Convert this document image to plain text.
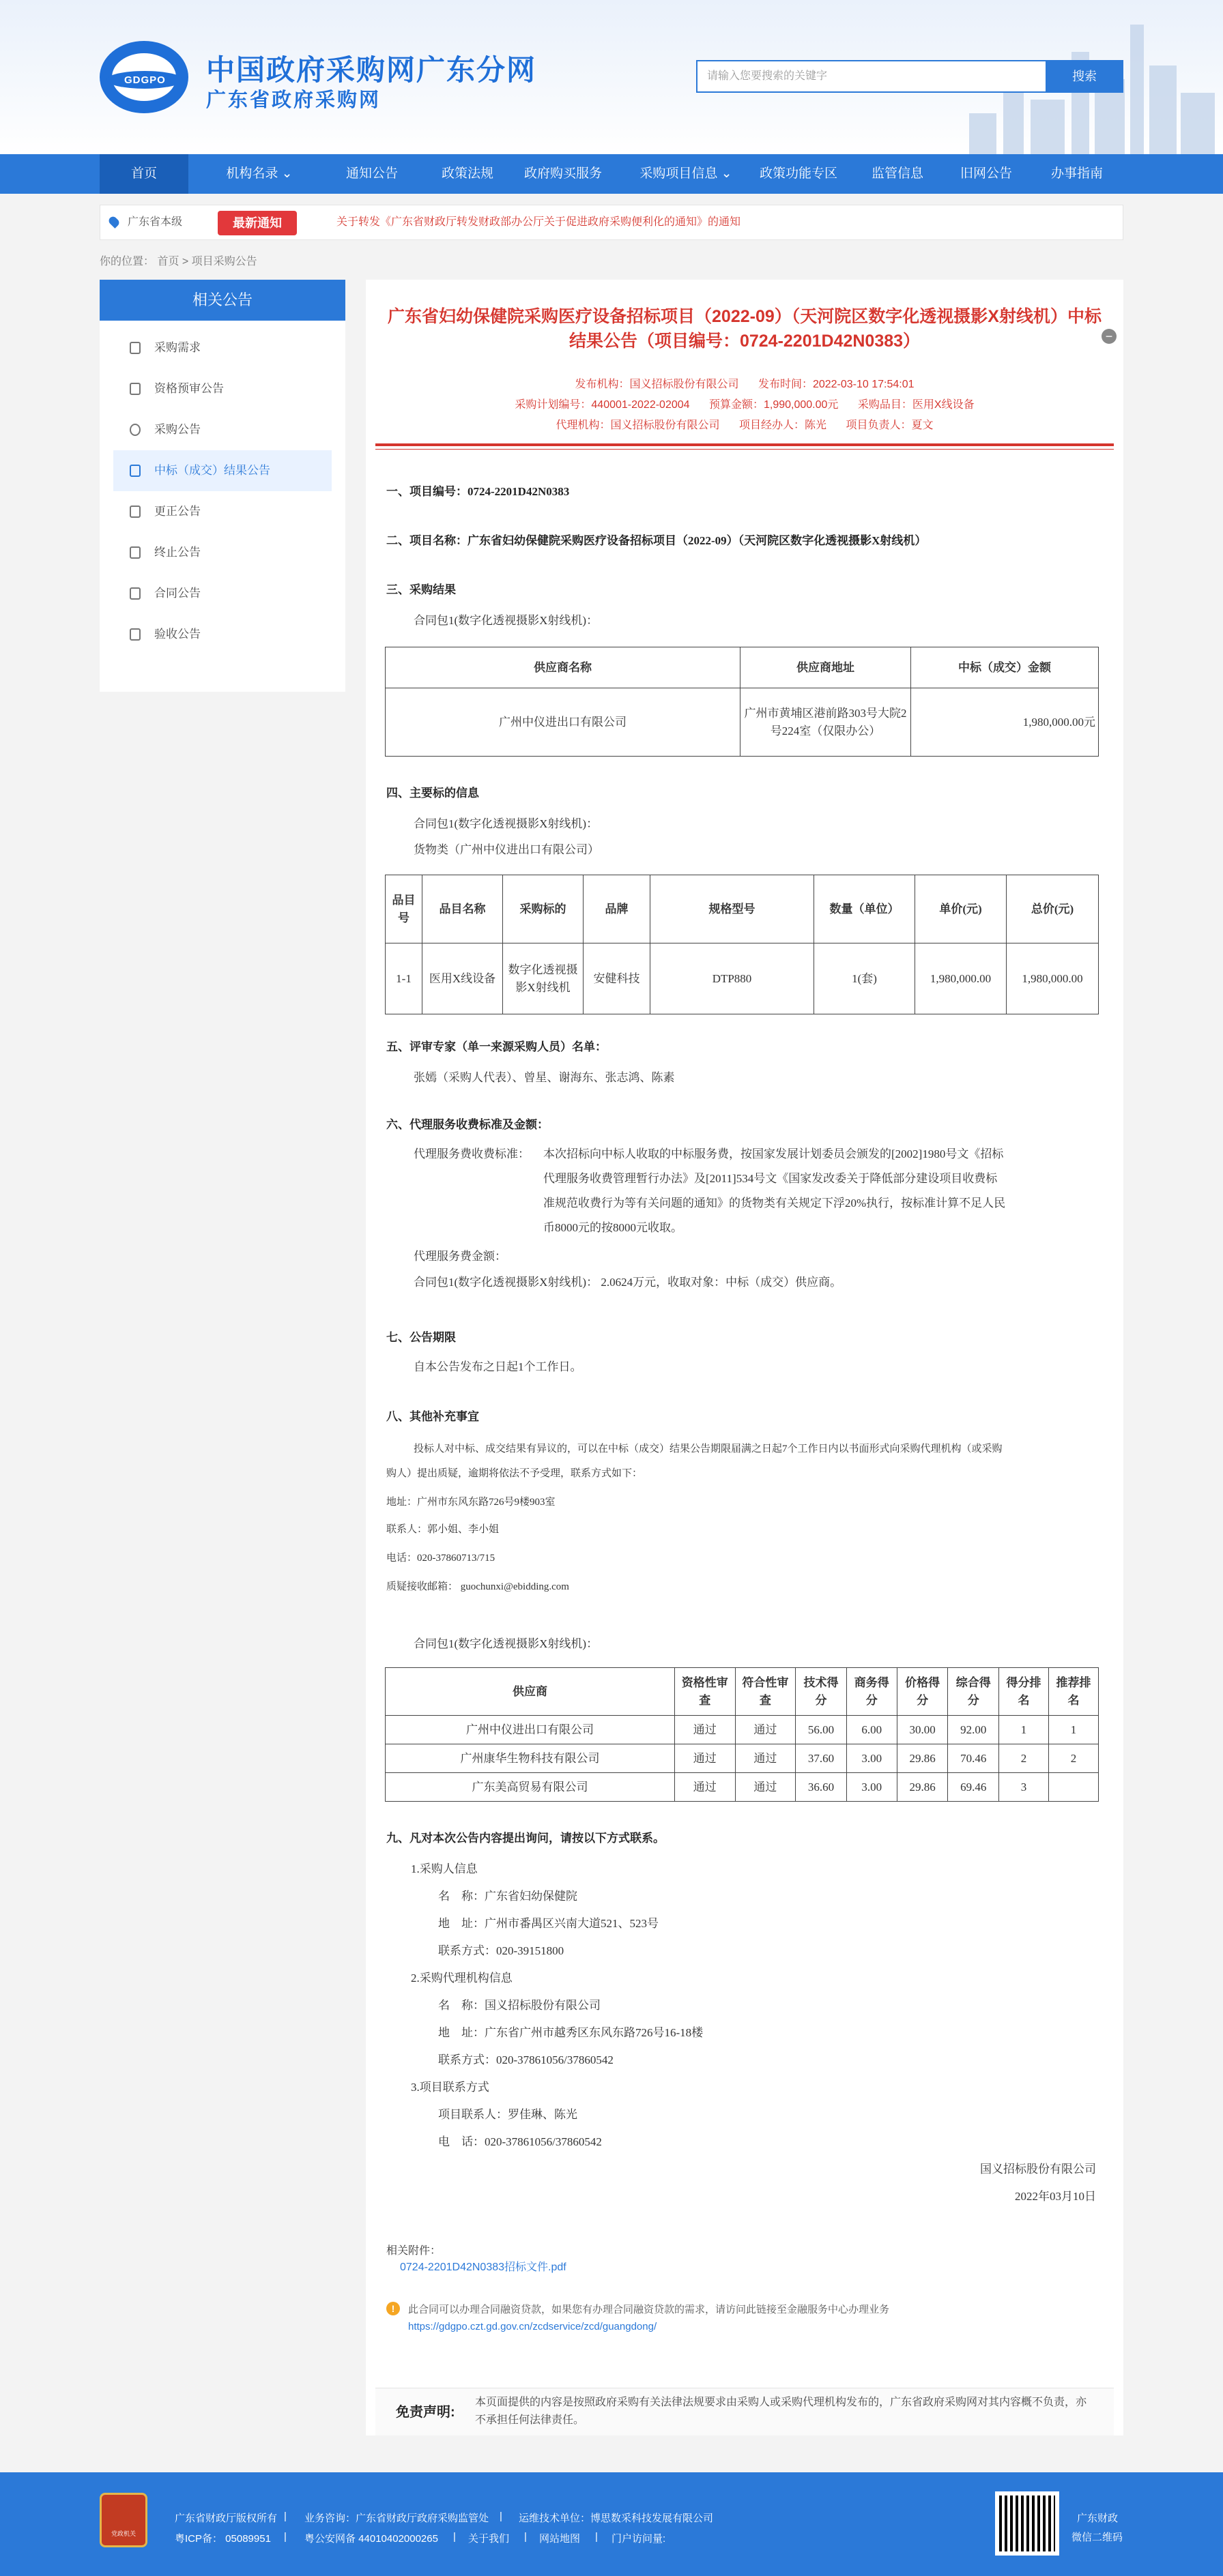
GDGPO 中国政府采购网广东分网
广东省政府采购网
请输入您要搜索的关键字	搜索
首页	机构名录 ⌄	通知公告	政策法规	政府购买服务	采购项目信息 ⌄	政策功能专区	监管信息	旧网公告	办事指南
广东省本级	最新通知	关于转发《广东省财政厅转发财政部办公厅关于促进政府采购便利化的通知》的通知
你的位置： 首页 > 项目采购公告
相关公告
采购需求
资格预审公告
采购公告
中标（成交）结果公告
更正公告
终止公告
合同公告
验收公告
广东省妇幼保健院采购医疗设备招标项目（2022-09）（天河院区数字化透视摄影X射线机）中标结果公告（项目编号：0724-2201D42N0383）	−
发布机构：国义招标股份有限公司 发布时间：2022-03-10 17:54:01
采购计划编号：440001-2022-02004 预算金额：1,990,000.00元 采购品目：医用X线设备
代理机构：国义招标股份有限公司 项目经办人：陈光 项目负责人：夏文
一、项目编号：0724-2201D42N0383
二、项目名称：广东省妇幼保健院采购医疗设备招标项目（2022-09）（天河院区数字化透视摄影X射线机）
三、采购结果
合同包1(数字化透视摄影X射线机)：
供应商名称	供应商地址	中标（成交）金额
广州中仪进出口有限公司	广州市黄埔区港前路303号大院2号224室（仅限办公）	1,980,000.00元
四、主要标的信息
合同包1(数字化透视摄影X射线机)：
货物类（广州中仪进出口有限公司）
品目号	品目名称	采购标的	品牌	规格型号	数量（单位）	单价(元)	总价(元)
1-1	医用X线设备	数字化透视摄影X射线机	安健科技	DTP880	1(套)	1,980,000.00	1,980,000.00
五、评审专家（单一来源采购人员）名单：
张嫣（采购人代表）、曾星、谢海东、张志鸿、陈素
六、代理服务收费标准及金额：
代理服务费收费标准： 本次招标向中标人收取的中标服务费，按国家发展计划委员会颁发的[2002]1980号文《招标
代理服务收费管理暂行办法》及[2011]534号文《国家发改委关于降低部分建设项目收费标
准规范收费行为等有关问题的通知》的货物类有关规定下浮20%执行，按标准计算不足人民
币8000元的按8000元收取。
代理服务费金额：
合同包1(数字化透视摄影X射线机)： 2.0624万元，收取对象：中标（成交）供应商。
七、公告期限
自本公告发布之日起1个工作日。
八、其他补充事宜
投标人对中标、成交结果有异议的，可以在中标（成交）结果公告期限届满之日起7个工作日内以书面形式向采购代理机构（或采购
购人）提出质疑，逾期将依法不予受理，联系方式如下：
地址：广州市东风东路726号9楼903室
联系人：郭小姐、李小姐
电话：020-37860713/715
质疑接收邮箱： guochunxi@ebidding.com
合同包1(数字化透视摄影X射线机)：
供应商	资格性审查	符合性审查	技术得分	商务得分	价格得分	综合得分	得分排名	推荐排名
广州中仪进出口有限公司	通过	通过	56.00	6.00	30.00	92.00	1	1
广州康华生物科技有限公司	通过	通过	37.60	3.00	29.86	70.46	2	2
广东美高贸易有限公司	通过	通过	36.60	3.00	29.86	69.46	3	
九、凡对本次公告内容提出询问，请按以下方式联系。
1.采购人信息
名　称：广东省妇幼保健院
地　址：广州市番禺区兴南大道521、523号
联系方式：020-39151800
2.采购代理机构信息
名　称：国义招标股份有限公司
地　址：广东省广州市越秀区东风东路726号16-18楼
联系方式：020-37861056/37860542
3.项目联系方式
项目联系人：罗佳琳、陈光
电　话：020-37861056/37860542
国义招标股份有限公司
2022年03月10日
相关附件：
0724-2201D42N0383招标文件.pdf
!	此合同可以办理合同融资贷款，如果您有办理合同融资贷款的需求，请访问此链接至金融服务中心办理业务
https://gdgpo.czt.gd.gov.cn/zcdservice/zcd/guangdong/
免责声明:
本页面提供的内容是按照政府采购有关法律法规要求由采购人或采购代理机构发布的，广东省政府采购网对其内容概不负责，亦不承担任何法律责任。
党政机关
广东省财政厅版权所有 | 业务咨询：广东省财政厅政府采购监管处 | 运维技术单位：博思数采科技发展有限公司
粤ICP备： 05089951 | 粤公安网备 44010402000265 | 关于我们 | 网站地图 | 门户访问量:
广东财政
微信二维码
